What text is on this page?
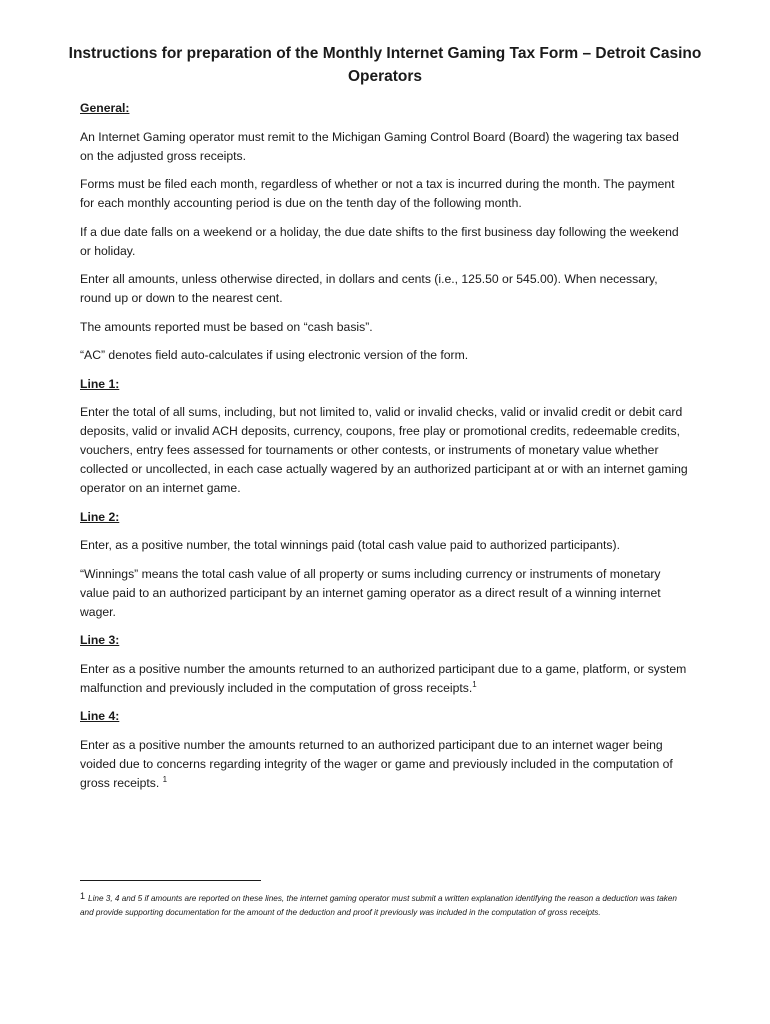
Instructions for preparation of the Monthly Internet Gaming Tax Form – Detroit Casino Operators

General:

An Internet Gaming operator must remit to the Michigan Gaming Control Board (Board) the wagering tax based on the adjusted gross receipts.

Forms must be filed each month, regardless of whether or not a tax is incurred during the month. The payment for each monthly accounting period is due on the tenth day of the following month.

If a due date falls on a weekend or a holiday, the due date shifts to the first business day following the weekend or holiday.

Enter all amounts, unless otherwise directed, in dollars and cents (i.e., 125.50 or 545.00). When necessary, round up or down to the nearest cent.

The amounts reported must be based on “cash basis”.

“AC” denotes field auto-calculates if using electronic version of the form.

Line 1:

Enter the total of all sums, including, but not limited to, valid or invalid checks, valid or invalid credit or debit card deposits, valid or invalid ACH deposits, currency, coupons, free play or promotional credits, redeemable credits, vouchers, entry fees assessed for tournaments or other contests, or instruments of monetary value whether collected or uncollected, in each case actually wagered by an authorized participant at or with an internet gaming operator on an internet game.

Line 2:

Enter, as a positive number, the total winnings paid (total cash value paid to authorized participants).

“Winnings” means the total cash value of all property or sums including currency or instruments of monetary value paid to an authorized participant by an internet gaming operator as a direct result of a winning internet wager.

Line 3:

Enter as a positive number the amounts returned to an authorized participant due to a game, platform, or system malfunction and previously included in the computation of gross receipts.$^1$

Line 4:

Enter as a positive number the amounts returned to an authorized participant due to an internet wager being voided due to concerns regarding integrity of the wager or game and previously included in the computation of gross receipts. $^1$

1 Line 3, 4 and 5 if amounts are reported on these lines, the internet gaming operator must submit a written explanation identifying the reason a deduction was taken and provide supporting documentation for the amount of the deduction and proof it previously was included in the computation of gross receipts.
